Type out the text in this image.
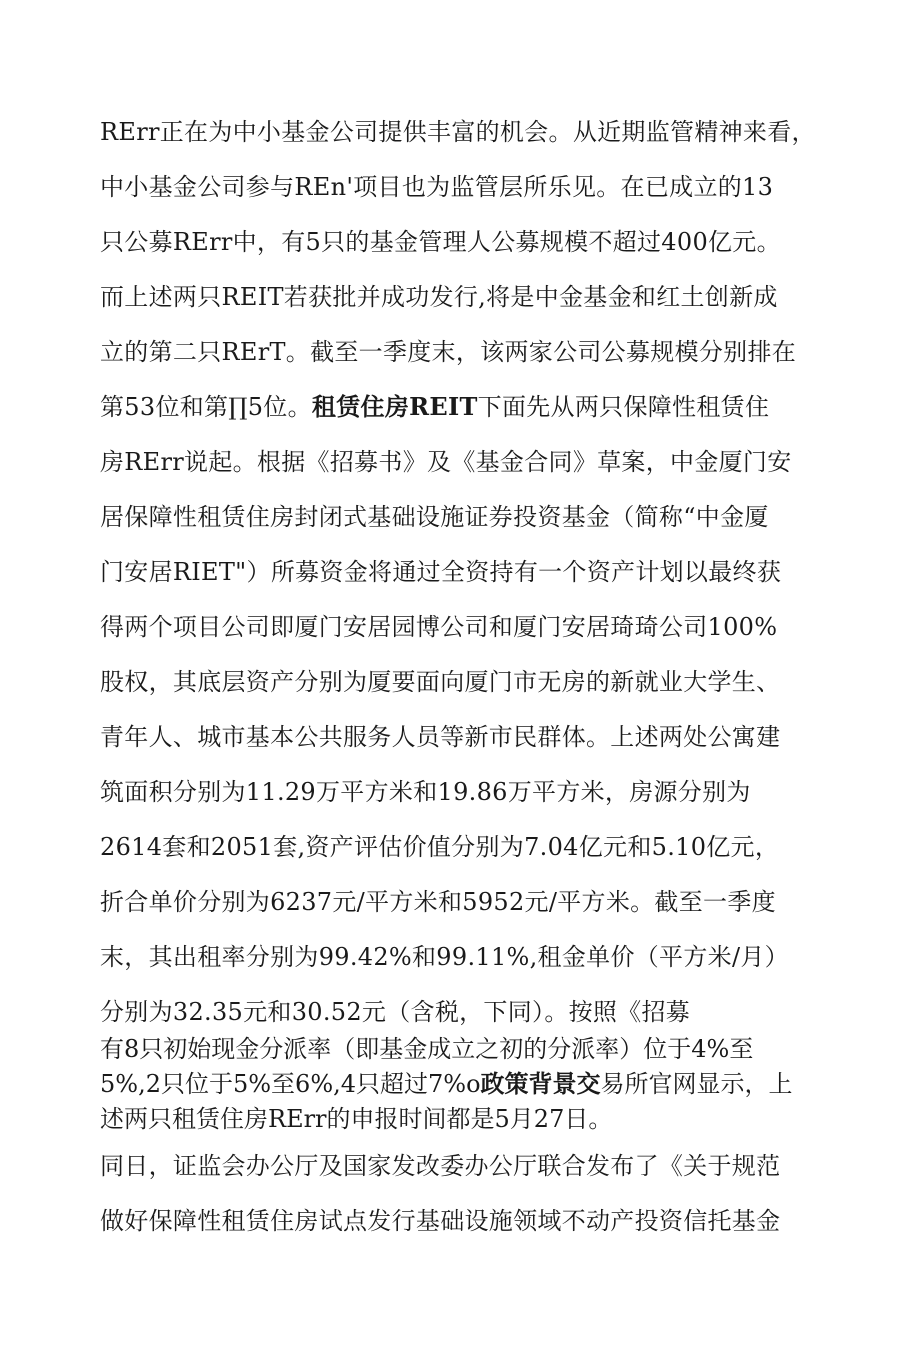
RErr正在为中小基金公司提供丰富的机会。从近期监管精神来看，
中小基金公司参与REn'项目也为监管层所乐见。在已成立的13
只公募RErr中，有5只的基金管理人公募规模不超过400亿元。
而上述两只REIT若获批并成功发行,将是中金基金和红土创新成
立的第二只RErT。截至一季度末，该两家公司公募规模分别排在
第53位和第∏5位。租赁住房REIT下面先从两只保障性租赁住
房RErr说起。根据《招募书》及《基金合同》草案，中金厦门安
居保障性租赁住房封闭式基础设施证券投资基金（简称“中金厦
门安居RIET"）所募资金将通过全资持有一个资产计划以最终获
得两个项目公司即厦门安居园博公司和厦门安居琦琦公司100%
股权，其底层资产分别为厦要面向厦门市无房的新就业大学生、
青年人、城市基本公共服务人员等新市民群体。上述两处公寓建
筑面积分别为11.29万平方米和19.86万平方米，房源分别为
2614套和2051套,资产评估价值分别为7.04亿元和5.10亿元，
折合单价分别为6237元/平方米和5952元/平方米。截至一季度
末，其出租率分别为99.42%和99.11%,租金单价（平方米/月）
分别为32.35元和30.52元（含税，下同）。按照《招募
有8只初始现金分派率（即基金成立之初的分派率）位于4%至
5%,2只位于5%至6%,4只超过7%o政策背景交易所官网显示，上
述两只租赁住房RErr的申报时间都是5月27日。
同日，证监会办公厅及国家发改委办公厅联合发布了《关于规范
做好保障性租赁住房试点发行基础设施领域不动产投资信托基金
